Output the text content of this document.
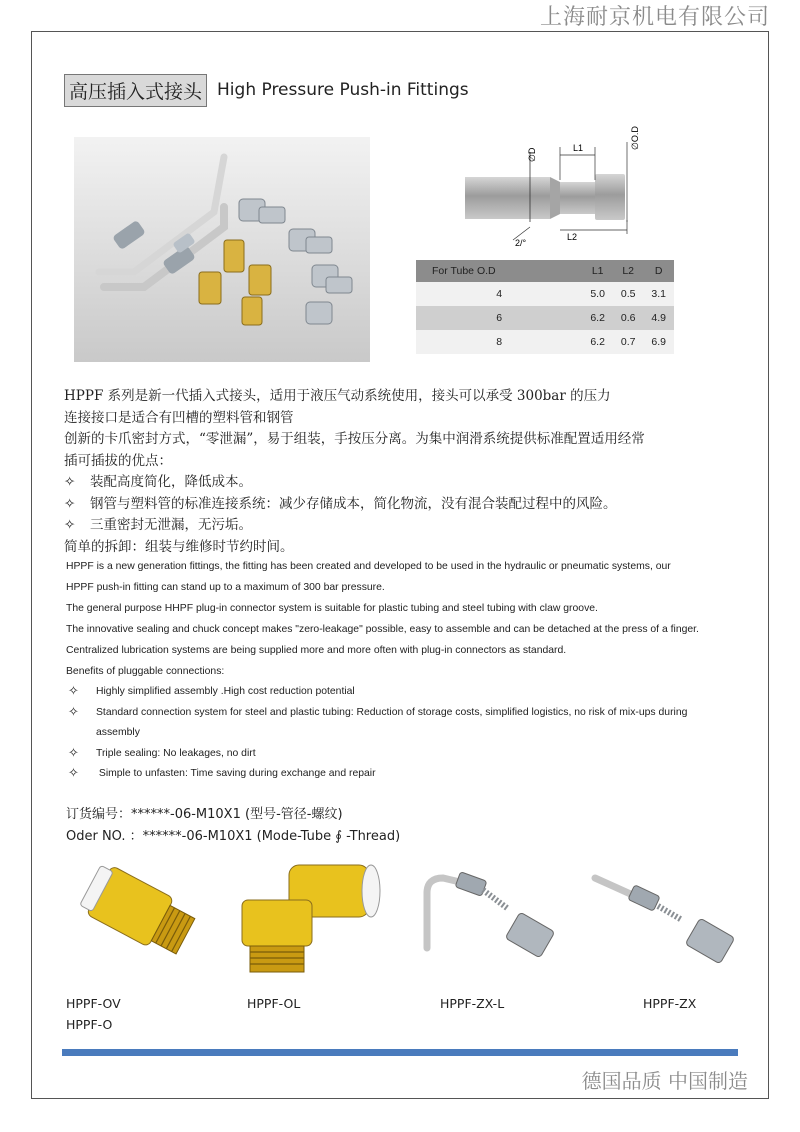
上海耐京机电有限公司
高压插入式接头 High Pressure Push-in Fittings
∅D
∅O.D
L1
L2
2/°
For Tube O.D	L1	L2	D	
4	5.0	0.5	3.1	
6	6.2	0.6	4.9	
8	6.2	0.7	6.9	
HPPF 系列是新一代插入式接头，适用于液压气动系统使用，接头可以承受 300bar 的压力
连接接口是适合有凹槽的塑料管和钢管
创新的卡爪密封方式，“零泄漏”，易于组装，手按压分离。为集中润滑系统提供标准配置适用经常
插可插拔的优点：
✧ 装配高度简化，降低成本。
✧ 钢管与塑料管的标准连接系统：减少存储成本，简化物流，没有混合装配过程中的风险。
✧ 三重密封无泄漏，无污垢。
简单的拆卸：组装与维修时节约时间。
HPPF is a new generation fittings, the fitting has been created and developed to be used in the hydraulic or pneumatic systems, our
HPPF push-in fitting can stand up to a maximum of 300 bar pressure.
The general purpose HHPF plug-in connector system is suitable for plastic tubing and steel tubing with claw groove.
The innovative sealing and chuck concept makes "zero-leakage" possible, easy to assemble and can be detached at the press of a finger.
Centralized lubrication systems are being supplied more and more often with plug-in connectors as standard.
Benefits of pluggable connections:
✧ Highly simplified assembly .High cost reduction potential
✧ Standard connection system for steel and plastic tubing: Reduction of storage costs, simplified logistics, no risk of mix-ups during
assembly
✧ Triple sealing: No leakages, no dirt
✧ Simple to unfasten: Time saving during exchange and repair
订货编号：******-06-M10X1 (型号-管径-螺纹)
Oder NO. ：******-06-M10X1 (Mode-Tube ∮ -Thread)
HPPF-OV
HPPF-O
HPPF-OL	HPPF-ZX-L	HPPF-ZX
德国品质 中国制造
